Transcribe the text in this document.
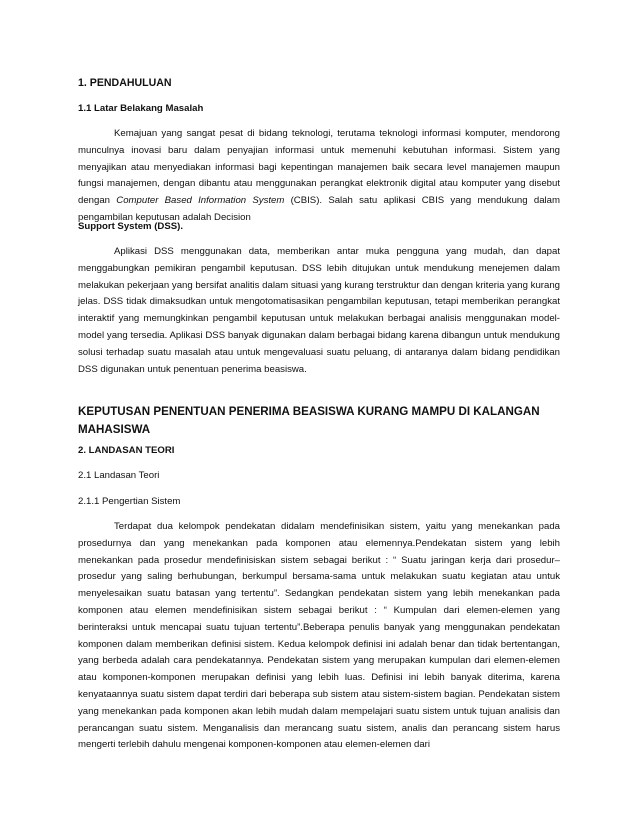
1. PENDAHULUAN
1.1 Latar Belakang Masalah
Kemajuan yang sangat pesat di bidang teknologi, terutama teknologi informasi komputer, mendorong munculnya inovasi baru dalam penyajian informasi untuk memenuhi kebutuhan informasi. Sistem yang menyajikan atau menyediakan informasi bagi kepentingan manajemen baik secara level manajemen maupun fungsi manajemen, dengan dibantu atau menggunakan perangkat elektronik digital atau komputer yang disebut dengan Computer Based Information System (CBIS). Salah satu aplikasi CBIS yang mendukung dalam pengambilan keputusan adalah Decision
Support System (DSS).
Aplikasi DSS menggunakan data, memberikan antar muka pengguna yang mudah, dan dapat menggabungkan pemikiran pengambil keputusan. DSS lebih ditujukan untuk mendukung menejemen dalam melakukan pekerjaan yang bersifat analitis dalam situasi yang kurang terstruktur dan dengan kriteria yang kurang jelas. DSS tidak dimaksudkan untuk mengotomatisasikan pengambilan keputusan, tetapi memberikan perangkat interaktif yang memungkinkan pengambil keputusan untuk melakukan berbagai analisis menggunakan model- model yang tersedia. Aplikasi DSS banyak digunakan dalam berbagai bidang karena dibangun untuk mendukung solusi terhadap suatu masalah atau untuk mengevaluasi suatu peluang, di antaranya dalam bidang pendidikan DSS digunakan untuk penentuan penerima beasiswa.
KEPUTUSAN PENENTUAN PENERIMA BEASISWA KURANG MAMPU DI KALANGAN MAHASISWA
2. LANDASAN TEORI
2.1 Landasan Teori
2.1.1 Pengertian Sistem
Terdapat dua kelompok pendekatan didalam mendefinisikan sistem, yaitu yang menekankan pada prosedurnya dan yang menekankan pada komponen atau elemennya.Pendekatan sistem yang lebih menekankan pada prosedur mendefinisiskan sistem sebagai berikut : “ Suatu jaringan kerja dari prosedur–prosedur yang saling berhubungan, berkumpul bersama-sama untuk melakukan suatu kegiatan atau untuk menyelesaikan suatu batasan yang tertentu”. Sedangkan pendekatan sistem yang lebih menekankan pada komponen atau elemen mendefinisikan sistem sebagai berikut : “ Kumpulan dari elemen-elemen yang berinteraksi untuk mencapai suatu tujuan tertentu”.Beberapa penulis banyak yang menggunakan pendekatan komponen dalam memberikan definisi sistem. Kedua kelompok definisi ini adalah benar dan tidak bertentangan, yang berbeda adalah cara pendekatannya. Pendekatan sistem yang merupakan kumpulan dari elemen-elemen atau komponen-komponen merupakan definisi yang lebih luas. Definisi ini lebih banyak diterima, karena kenyataannya suatu sistem dapat terdiri dari beberapa sub sistem atau sistem-sistem bagian. Pendekatan sistem yang menekankan pada komponen akan lebih mudah dalam mempelajari suatu sistem untuk tujuan analisis dan perancangan suatu sistem. Menganalisis dan merancang suatu sistem, analis dan perancang sistem harus mengerti terlebih dahulu mengenai komponen-komponen atau elemen-elemen dari
